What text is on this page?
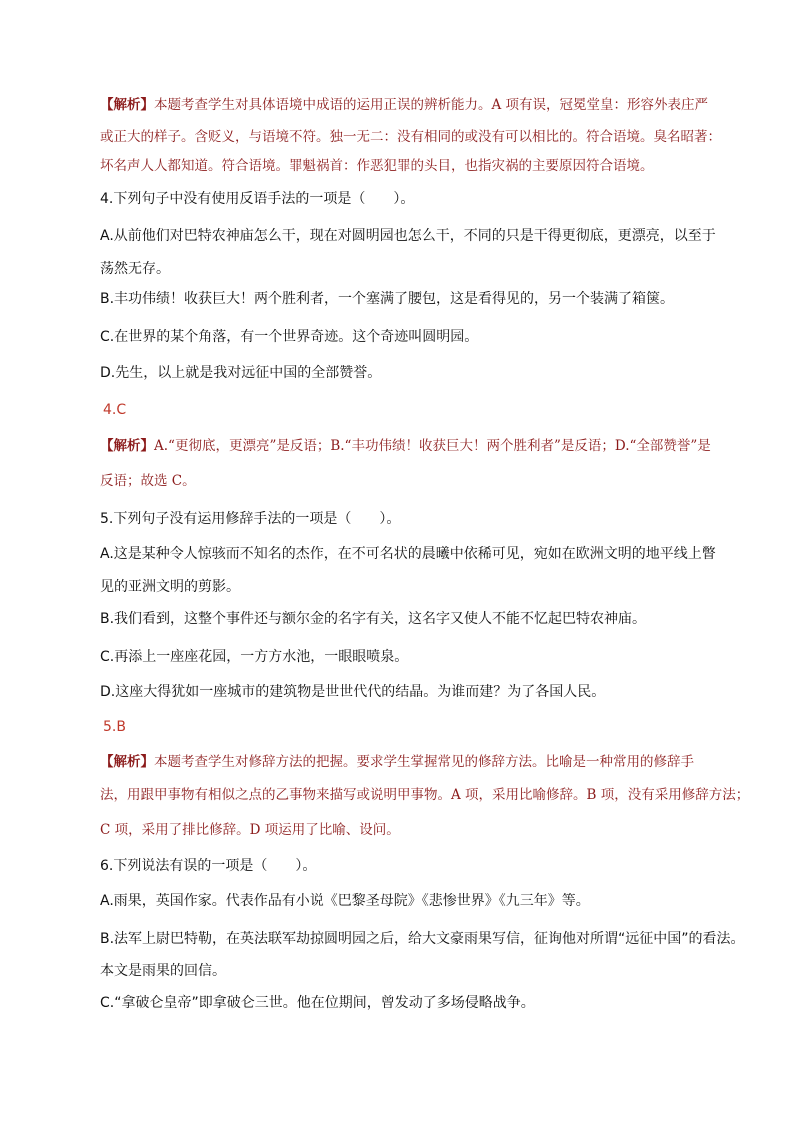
【解析】本题考查学生对具体语境中成语的运用正误的辨析能力。A 项有误，冠冕堂皇：形容外表庄严
或正大的样子。含贬义，与语境不符。独一无二：没有相同的或没有可以相比的。符合语境。臭名昭著：
坏名声人人都知道。符合语境。罪魁祸首：作恶犯罪的头目，也指灾祸的主要原因符合语境。
4.下列句子中没有使用反语手法的一项是（　　）。
A.从前他们对巴特农神庙怎么干，现在对圆明园也怎么干，不同的只是干得更彻底，更漂亮，以至于
荡然无存。
B.丰功伟绩！收获巨大！两个胜利者，一个塞满了腰包，这是看得见的，另一个装满了箱箧。
C.在世界的某个角落，有一个世界奇迹。这个奇迹叫圆明园。
D.先生，以上就是我对远征中国的全部赞誉。
4.C
【解析】A.“更彻底，更漂亮”是反语；B.“丰功伟绩！收获巨大！两个胜利者”是反语；D.“全部赞誉”是
反语；故选 C。
5.下列句子没有运用修辞手法的一项是（　　）。
A.这是某种令人惊骇而不知名的杰作，在不可名状的晨曦中依稀可见，宛如在欧洲文明的地平线上瞥
见的亚洲文明的剪影。
B.我们看到，这整个事件还与额尔金的名字有关，这名字又使人不能不忆起巴特农神庙。
C.再添上一座座花园，一方方水池，一眼眼喷泉。
D.这座大得犹如一座城市的建筑物是世世代代的结晶。为谁而建？为了各国人民。
5.B
【解析】本题考查学生对修辞方法的把握。要求学生掌握常见的修辞方法。比喻是一种常用的修辞手
法，用跟甲事物有相似之点的乙事物来描写或说明甲事物。A 项，采用比喻修辞。B 项，没有采用修辞方法；
C 项，采用了排比修辞。D 项运用了比喻、设问。
6.下列说法有误的一项是（　　）。
A.雨果，英国作家。代表作品有小说《巴黎圣母院》《悲惨世界》《九三年》等。
B.法军上尉巴特勒，在英法联军劫掠圆明园之后，给大文豪雨果写信，征询他对所谓“远征中国”的看法。
本文是雨果的回信。
C.“拿破仑皇帝”即拿破仑三世。他在位期间，曾发动了多场侵略战争。
